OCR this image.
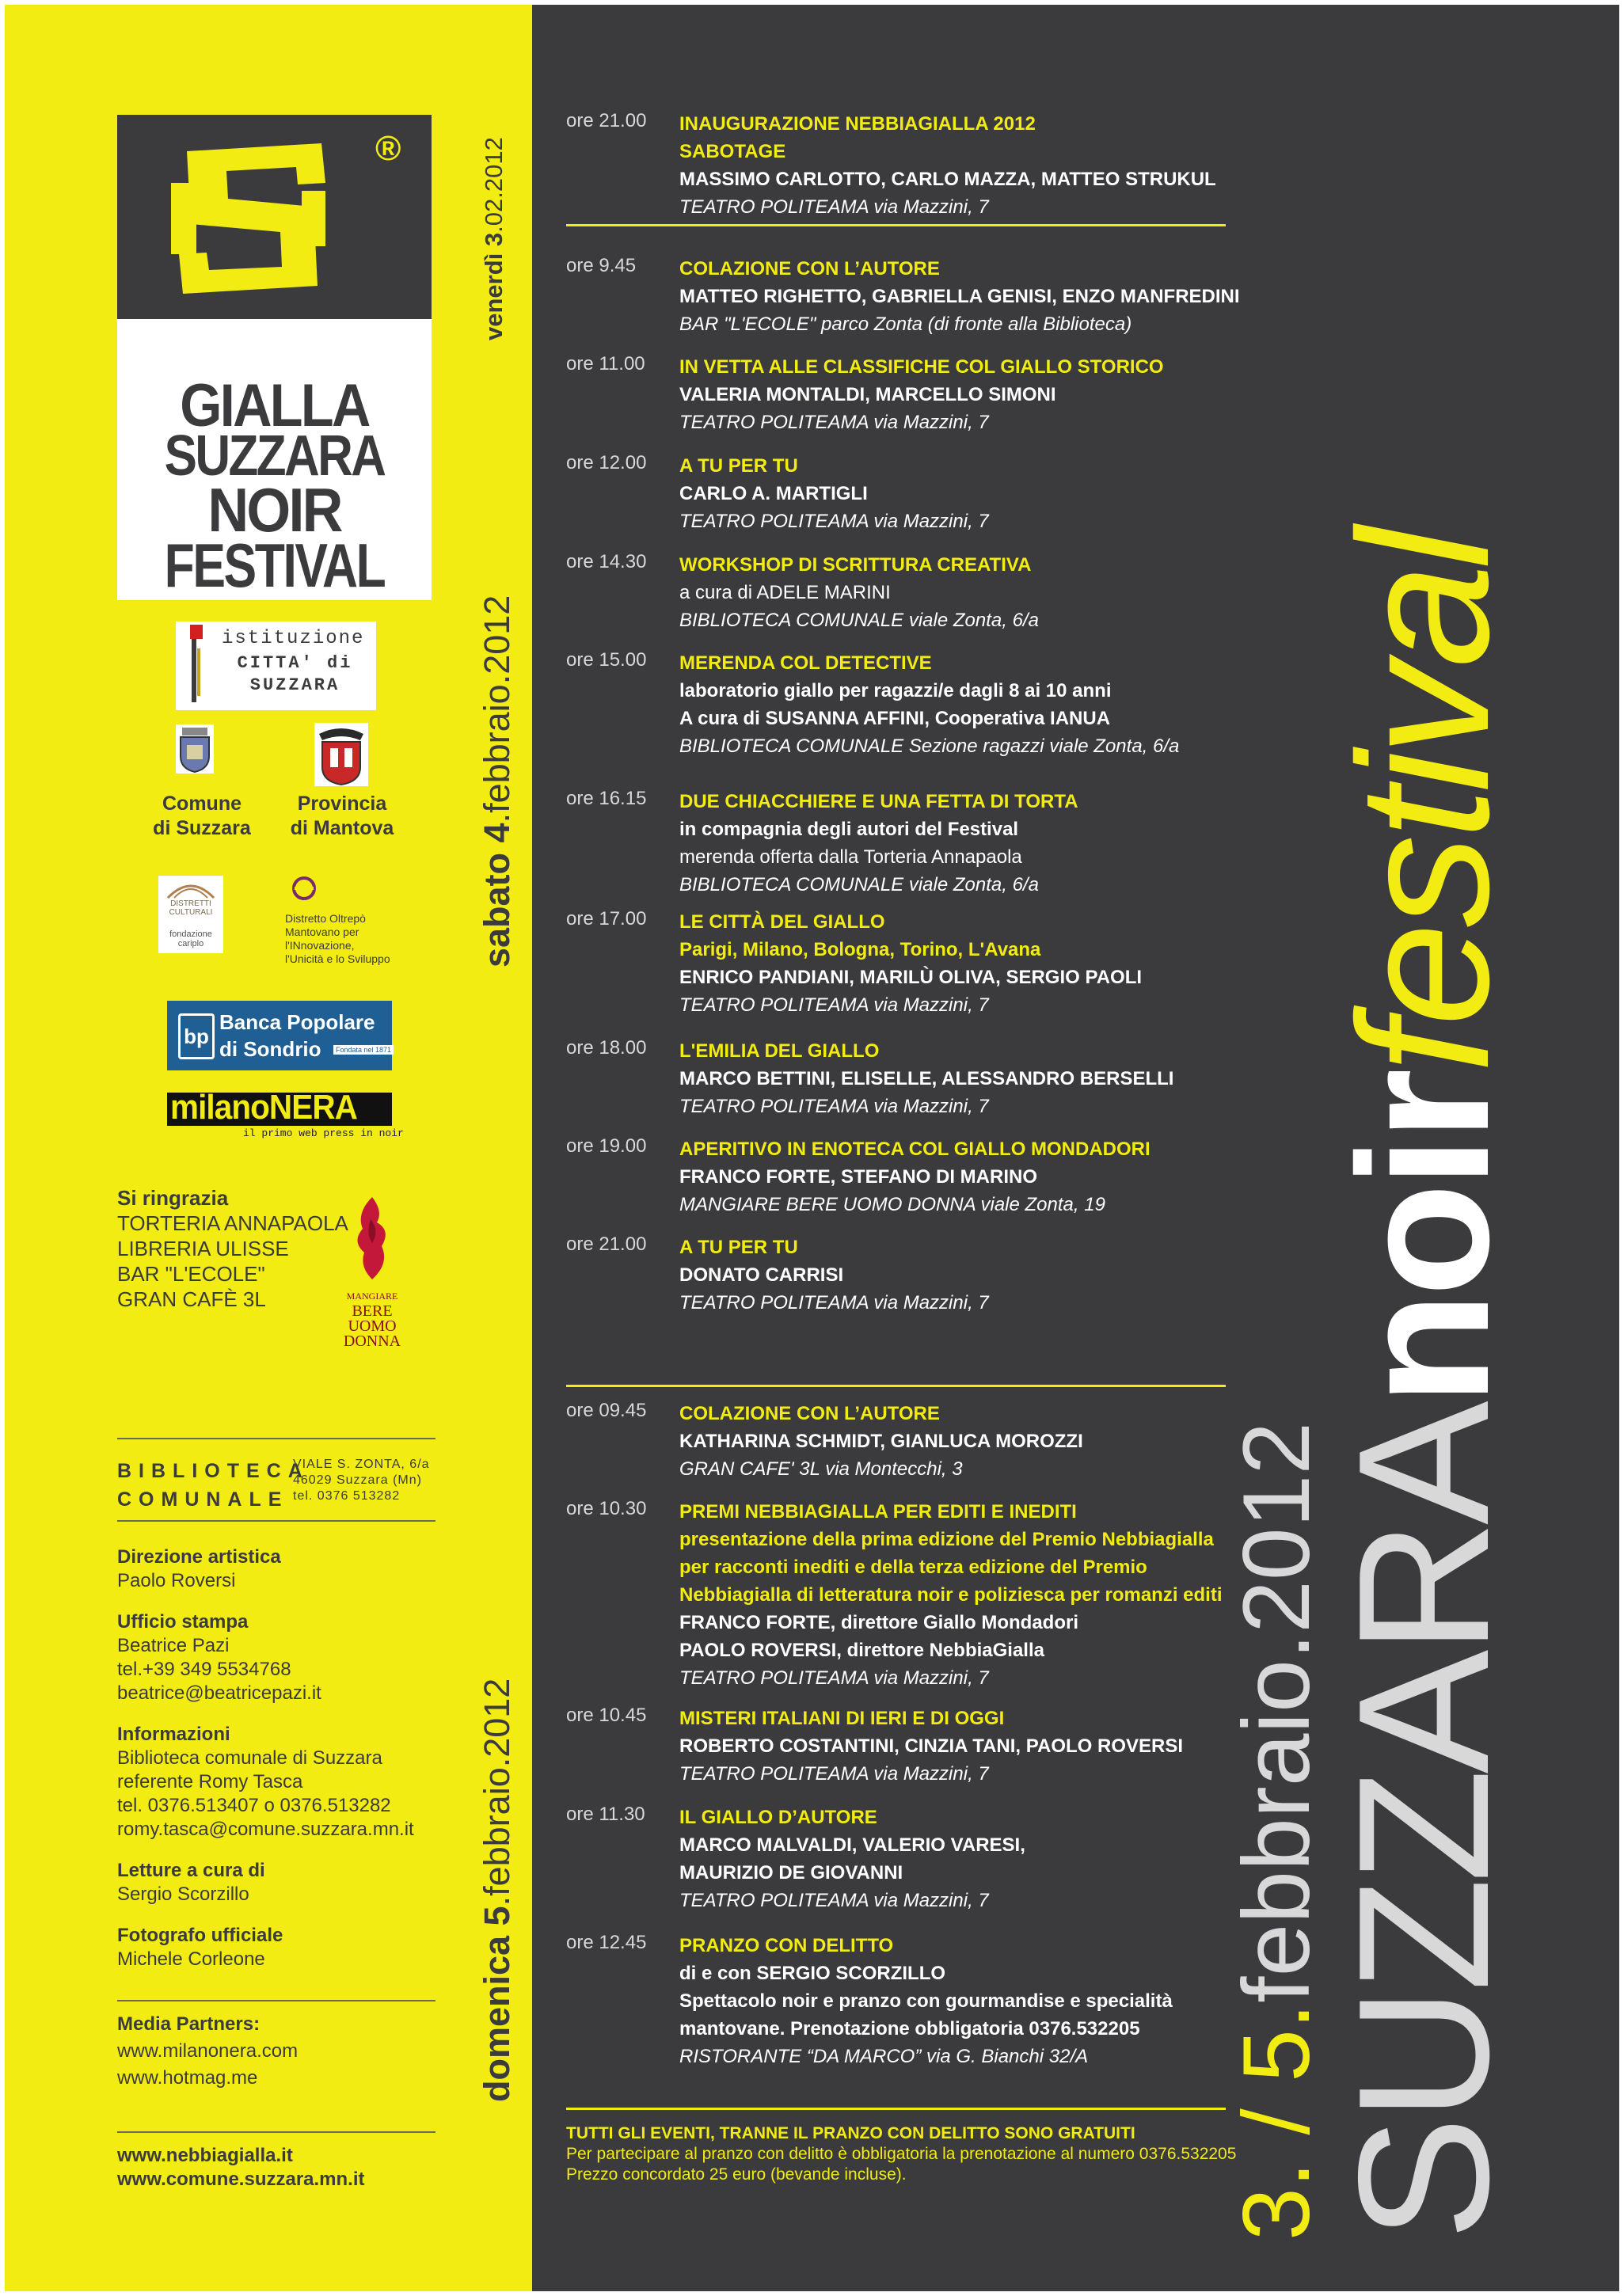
®
NEBBIA
GIALLA
SUZZARA
NOIR
FESTIVAL
istituzione
CITTA' di
SUZZARA
Comune
di Suzzara
Provincia
di Mantova
DISTRETTI
CULTURALI
fondazione
cariplo
Distretto Oltrepò
Mantovano per
l'INnovazione,
l'Unicità e lo Sviluppo
bp
Banca Popolare
di Sondrio	Fondata nel 1871
milanoNERA
il primo web press in noir
Si ringrazia
TORTERIA ANNAPAOLA
LIBRERIA ULISSE
BAR "L'ECOLE"
GRAN CAFÈ 3L	MANGIARE
BERE
UOMO
DONNA
BIBLIOTECA
COMUNALE
VIALE S. ZONTA, 6/a
46029 Suzzara (Mn)
tel. 0376 513282
Direzione artistica
Paolo Roversi
Ufficio stampa
Beatrice Pazi
tel.+39 349 5534768
beatrice@beatricepazi.it
Informazioni
Biblioteca comunale di Suzzara
referente Romy Tasca
tel. 0376.513407 o 0376.513282
romy.tasca@comune.suzzara.mn.it
Letture a cura di
Sergio Scorzillo
Fotografo ufficiale
Michele Corleone
Media Partners:
www.milanonera.com
www.hotmag.me
www.nebbiagialla.it
www.comune.suzzara.mn.it
venerdì 3.02.2012
sabato 4.febbraio.2012
domenica 5.febbraio.2012
ore 21.00 INAUGURAZIONE NEBBIAGIALLA 2012
SABOTAGE
MASSIMO CARLOTTO, CARLO MAZZA, MATTEO STRUKUL
TEATRO POLITEAMA via Mazzini, 7
ore 9.45 COLAZIONE CON L’AUTORE
MATTEO RIGHETTO, GABRIELLA GENISI, ENZO MANFREDINI
BAR "L'ECOLE" parco Zonta (di fronte alla Biblioteca)
ore 11.00 IN VETTA ALLE CLASSIFICHE COL GIALLO STORICO
VALERIA MONTALDI, MARCELLO SIMONI
TEATRO POLITEAMA via Mazzini, 7
ore 12.00 A TU PER TU
CARLO A. MARTIGLI
TEATRO POLITEAMA via Mazzini, 7
ore 14.30 WORKSHOP DI SCRITTURA CREATIVA
a cura di ADELE MARINI
BIBLIOTECA COMUNALE viale Zonta, 6/a
ore 15.00 MERENDA COL DETECTIVE
laboratorio giallo per ragazzi/e dagli 8 ai 10 anni
A cura di SUSANNA AFFINI, Cooperativa IANUA
BIBLIOTECA COMUNALE Sezione ragazzi viale Zonta, 6/a
ore 16.15 DUE CHIACCHIERE E UNA FETTA DI TORTA
in compagnia degli autori del Festival
merenda offerta dalla Torteria Annapaola
BIBLIOTECA COMUNALE viale Zonta, 6/a
ore 17.00 LE CITTÀ DEL GIALLO
Parigi, Milano, Bologna, Torino, L'Avana
ENRICO PANDIANI, MARILÙ OLIVA, SERGIO PAOLI
TEATRO POLITEAMA via Mazzini, 7
ore 18.00 L'EMILIA DEL GIALLO
MARCO BETTINI, ELISELLE, ALESSANDRO BERSELLI
TEATRO POLITEAMA via Mazzini, 7
ore 19.00 APERITIVO IN ENOTECA COL GIALLO MONDADORI
FRANCO FORTE, STEFANO DI MARINO
MANGIARE BERE UOMO DONNA viale Zonta, 19
ore 21.00 A TU PER TU
DONATO CARRISI
TEATRO POLITEAMA via Mazzini, 7
ore 09.45 COLAZIONE CON L’AUTORE
KATHARINA SCHMIDT, GIANLUCA MOROZZI
GRAN CAFE' 3L via Montecchi, 3
ore 10.30 PREMI NEBBIAGIALLA PER EDITI E INEDITI
presentazione della prima edizione del Premio Nebbiagialla
per racconti inediti e della terza edizione del Premio
Nebbiagialla di letteratura noir e poliziesca per romanzi editi
FRANCO FORTE, direttore Giallo Mondadori
PAOLO ROVERSI, direttore NebbiaGialla
TEATRO POLITEAMA via Mazzini, 7
ore 10.45 MISTERI ITALIANI DI IERI E DI OGGI
ROBERTO COSTANTINI, CINZIA TANI, PAOLO ROVERSI
TEATRO POLITEAMA via Mazzini, 7
ore 11.30 IL GIALLO D’AUTORE
MARCO MALVALDI, VALERIO VARESI,
MAURIZIO DE GIOVANNI
TEATRO POLITEAMA via Mazzini, 7
ore 12.45 PRANZO CON DELITTO
di e con SERGIO SCORZILLO
Spettacolo noir e pranzo con gourmandise e specialità
mantovane. Prenotazione obbligatoria 0376.532205
RISTORANTE “DA MARCO” via G. Bianchi 32/A
TUTTI GLI EVENTI, TRANNE IL PRANZO CON DELITTO SONO GRATUITI
Per partecipare al pranzo con delitto è obbligatoria la prenotazione al numero 0376.532205
Prezzo concordato 25 euro (bevande incluse).	3. / 5.febbraio.2012
SUZZARAnoirfestival
